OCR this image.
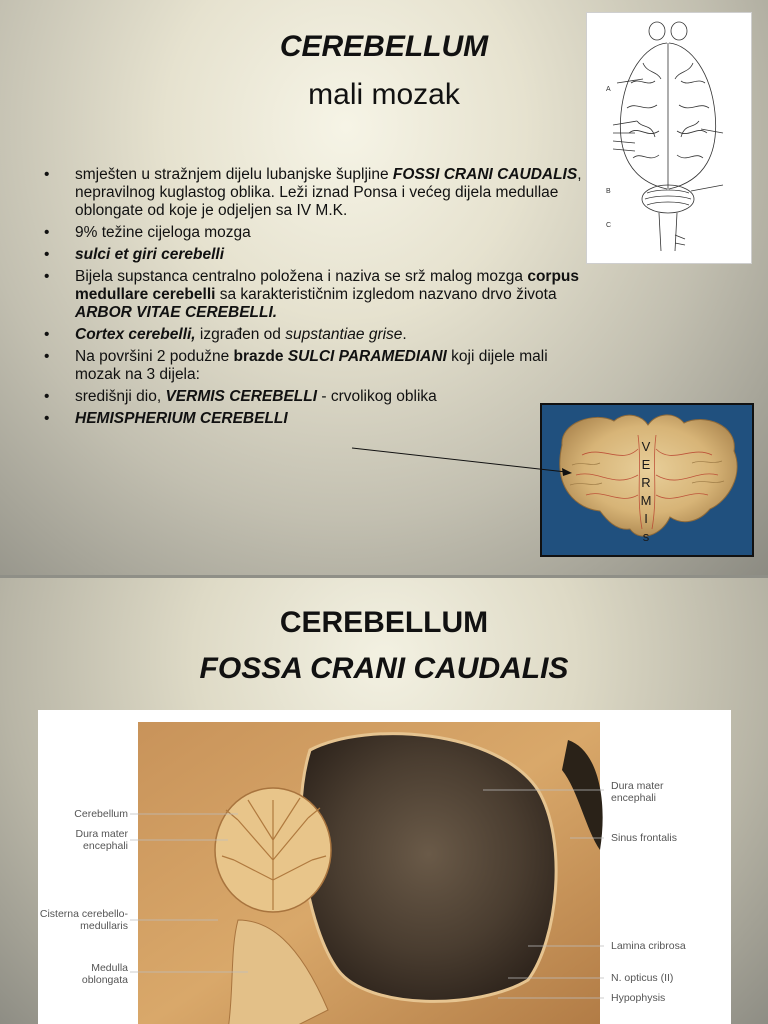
CEREBELLUM
mali mozak
• smješten u stražnjem dijelu lubanjske šupljine FOSSI CRANI CAUDALIS, nepravilnog kuglastog oblika. Leži iznad Ponsa i većeg dijela medullae oblongate od koje je odjeljen sa IV M.K.
• 9% težine cijeloga mozga
• sulci et giri cerebelli
• Bijela supstanca centralno položena i naziva se srž malog mozga corpus medullare cerebelli sa karakterističnim izgledom nazvano drvo života ARBOR VITAE CEREBELLI.
• Cortex cerebelli, izgrađen od supstantiae grise.
• Na površini 2 podužne brazde SULCI PARAMEDIANI koji dijele mali mozak na 3 dijela:
• središnji dio, VERMIS CEREBELLI - crvolikog oblika
• HEMISPHERIUM CEREBELLI
A
B
C
V
E
R
M
I
s
CEREBELLUM
FOSSA CRANI CAUDALIS
Cerebellum
Dura mater encephali
Cisterna cerebello-medullaris
Medulla oblongata
Dura mater encephali
Sinus frontalis
Lamina cribrosa
N. opticus (II)
Hypophysis
